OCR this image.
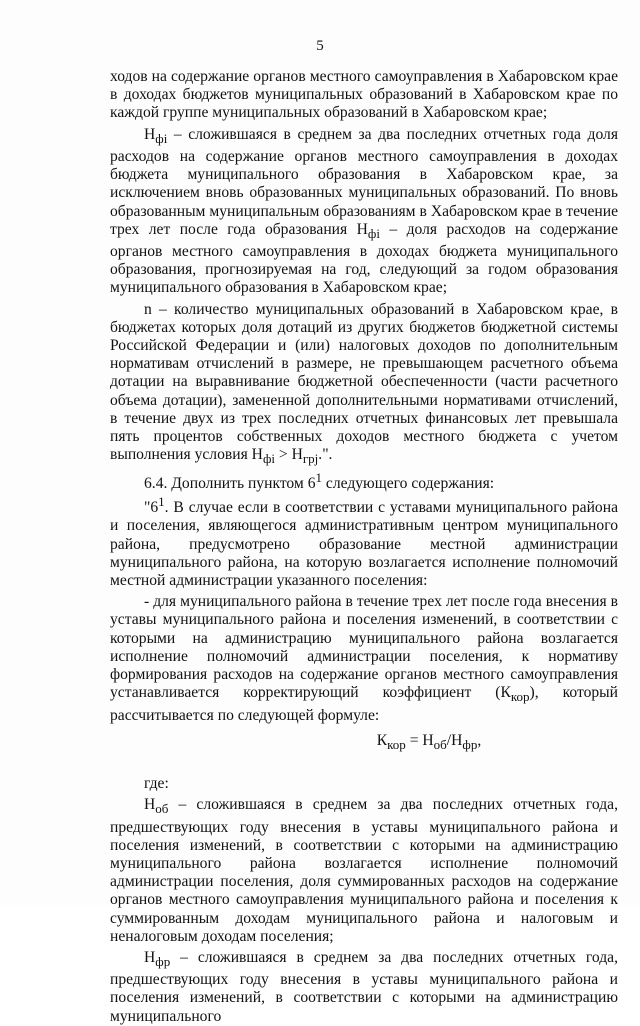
5

ходов на содержание органов местного самоуправления в Хабаровском крае в доходах бюджетов муниципальных образований в Хабаровском крае по каждой группе муниципальных образований в Хабаровском крае;

$Н_{фi}$ – сложившаяся в среднем за два последних отчетных года доля расходов на содержание органов местного самоуправления в доходах бюджета муниципального образования в Хабаровском крае, за исключением вновь образованных муниципальных образований. По вновь образованным муниципальным образованиям в Хабаровском крае в течение трех лет после года образования $Н_{фi}$ – доля расходов на содержание органов местного самоуправления в доходах бюджета муниципального образования, прогнозируемая на год, следующий за годом образования муниципального образования в Хабаровском крае;

n – количество муниципальных образований в Хабаровском крае, в бюджетах которых доля дотаций из других бюджетов бюджетной системы Российской Федерации и (или) налоговых доходов по дополнительным нормативам отчислений в размере, не превышающем расчетного объема дотации на выравнивание бюджетной обеспеченности (части расчетного объема дотации), замененной дополнительными нормативами отчислений, в течение двух из трех последних отчетных финансовых лет превышала пять процентов собственных доходов местного бюджета с учетом выполнения условия $Н_{фi} > Н_{грj}$.".

6.4. Дополнить пунктом $6^1$ следующего содержания:

"$6^1$. В случае если в соответствии с уставами муниципального района и поселения, являющегося административным центром муниципального района, предусмотрено образование местной администрации муниципального района, на которую возлагается исполнение полномочий местной администрации указанного поселения:

- для муниципального района в течение трех лет после года внесения в уставы муниципального района и поселения изменений, в соответствии с которыми на администрацию муниципального района возлагается исполнение полномочий администрации поселения, к нормативу формирования расходов на содержание органов местного самоуправления устанавливается корректирующий коэффициент $(К_{кор})$, который рассчитывается по следующей формуле:

$К_{кор} = Н_{об}/Н_{фр}$,

где:

$Н_{об}$ – сложившаяся в среднем за два последних отчетных года, предшествующих году внесения в уставы муниципального района и поселения изменений, в соответствии с которыми на администрацию муниципального района возлагается исполнение полномочий администрации поселения, доля суммированных расходов на содержание органов местного самоуправления муниципального района и поселения к суммированным доходам муниципального района и налоговым и неналоговым доходам поселения;

$Н_{фр}$ – сложившаяся в среднем за два последних отчетных года, предшествующих году внесения в уставы муниципального района и поселения изменений, в соответствии с которыми на администрацию муниципального
